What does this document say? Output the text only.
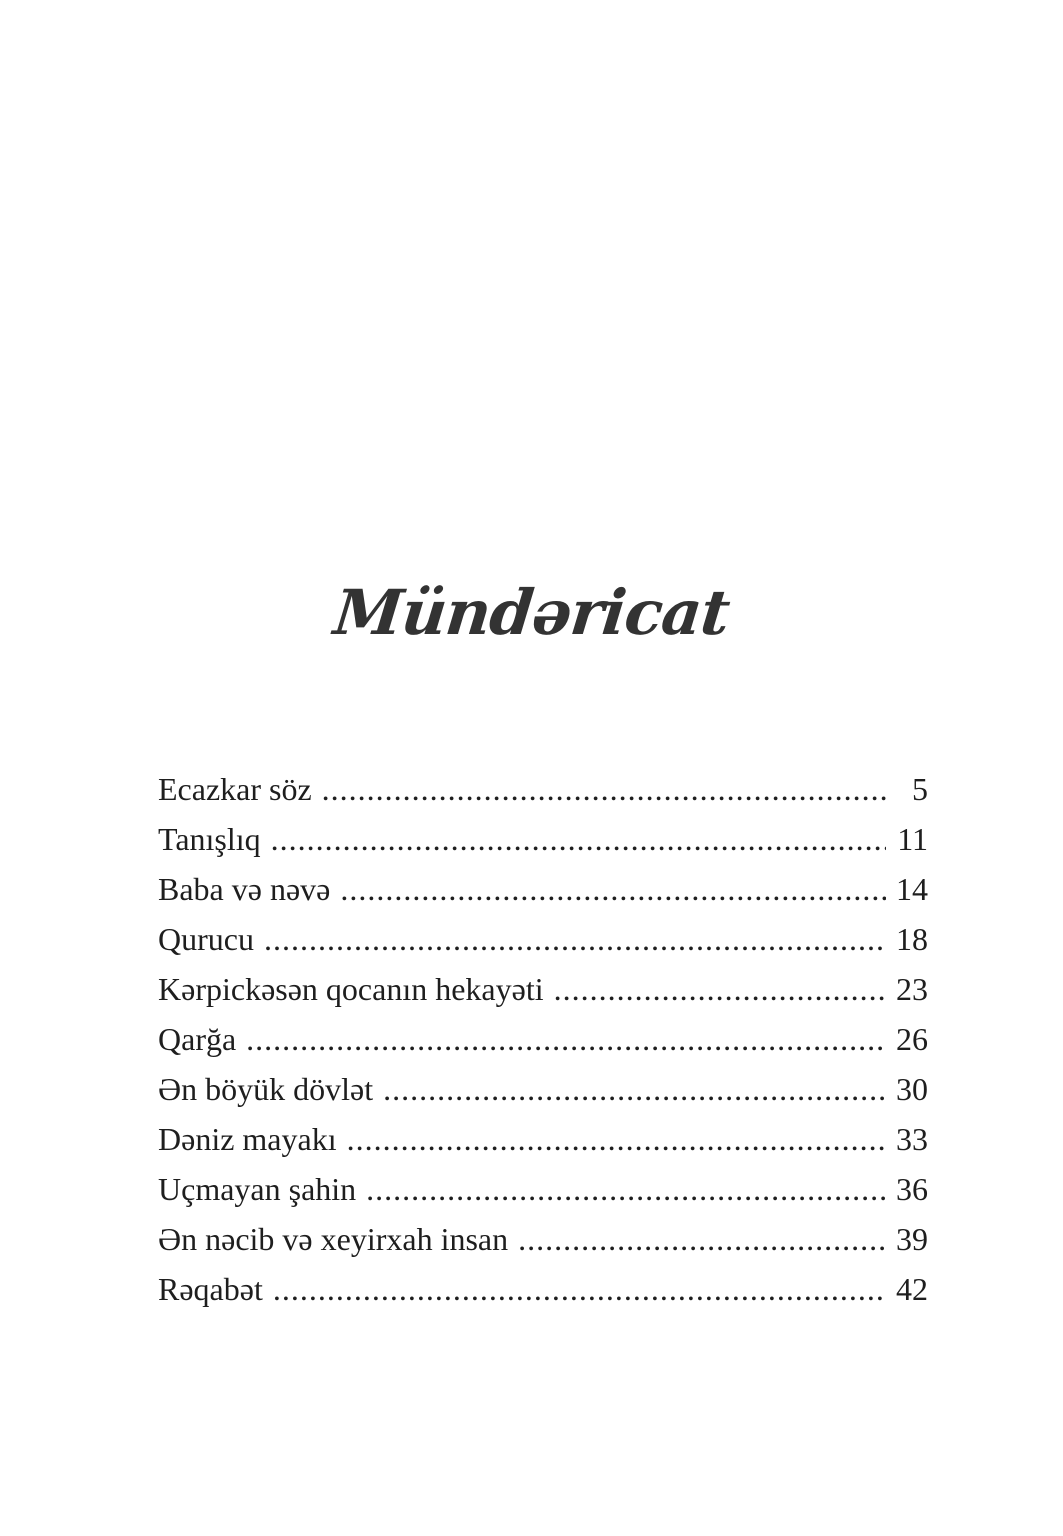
Mündəricat
Ecazkar söz .....	5
Tanışlıq .....	11
Baba və nəvə .....	14
Qurucu .....	18
Kərpickəsən qocanın hekayəti .....	23
Qarğa .....	26
Ən böyük dövlət .....	30
Dəniz mayakı .....	33
Uçmayan şahin .....	36
Ən nəcib və xeyirxah insan .....	39
Rəqabət .....	42
